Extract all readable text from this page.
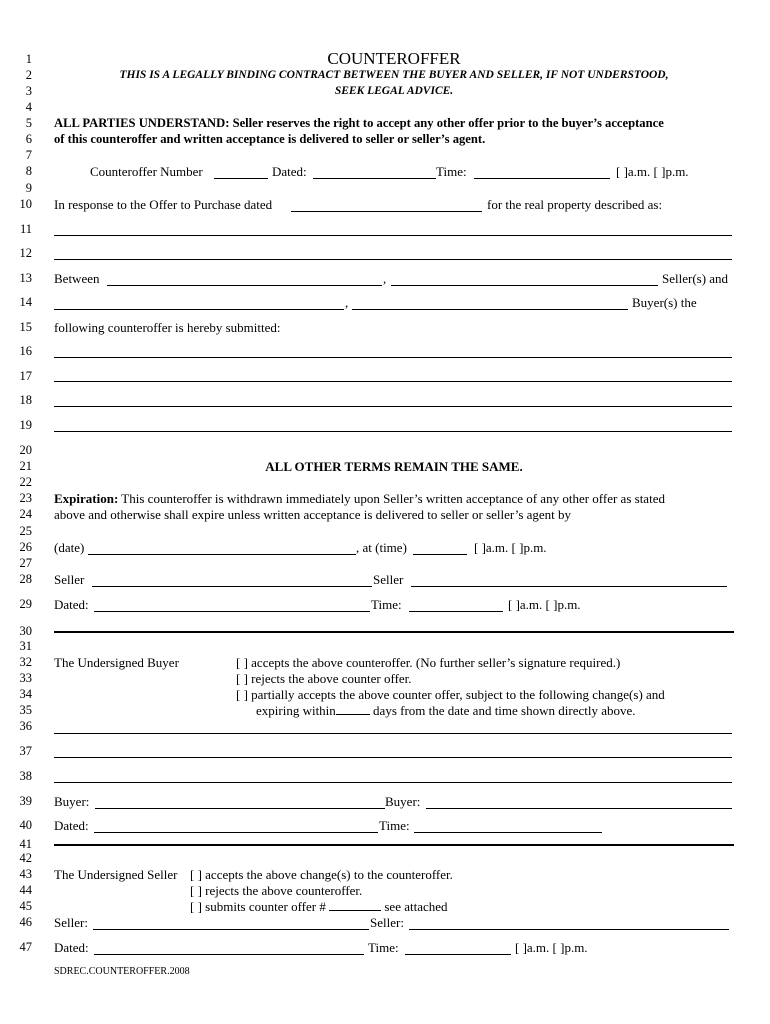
1
2
3
4
5
6
7
8
9
10
11
12
13
14
15
16
17
18
19
20
21
22
23
24
25
26
27
28
29
30
31
32
33
34
35
36
37
38
39
40
41
42
43
44
45
46
47
COUNTEROFFER
THIS IS A LEGALLY BINDING CONTRACT BETWEEN THE BUYER AND SELLER, IF NOT UNDERSTOOD,
SEEK LEGAL ADVICE.
ALL PARTIES UNDERSTAND: Seller reserves the right to accept any other offer prior to the buyer’s acceptance
of this counteroffer and written acceptance is delivered to seller or seller’s agent.
Counteroffer Number	Dated:	Time:	[ ]a.m. [ ]p.m.
In response to the Offer to Purchase dated	for the real property described as:
Between	,	Seller(s) and
,	Buyer(s) the
following counteroffer is hereby submitted:
ALL OTHER TERMS REMAIN THE SAME.
Expiration: This counteroffer is withdrawn immediately upon Seller’s written acceptance of any other offer as stated
above and otherwise shall expire unless written acceptance is delivered to seller or seller’s agent by
(date)	, at (time)	[ ]a.m. [ ]p.m.
Seller	Seller
Dated:	Time:	[ ]a.m. [ ]p.m.
The Undersigned Buyer	[ ] accepts the above counteroffer. (No further seller’s signature required.)
[ ] rejects the above counter offer.
[ ] partially accepts the above counter offer, subject to the following change(s) and
expiring within	days from the date and time shown directly above.
Buyer:	Buyer:
Dated:	Time:
The Undersigned Seller [ ] accepts the above change(s) to the counteroffer.
[ ] rejects the above counteroffer.
[ ] submits counter offer #	see attached
Seller:	Seller:
Dated:	Time:	[ ]a.m. [ ]p.m.
SDREC.COUNTEROFFER.2008
